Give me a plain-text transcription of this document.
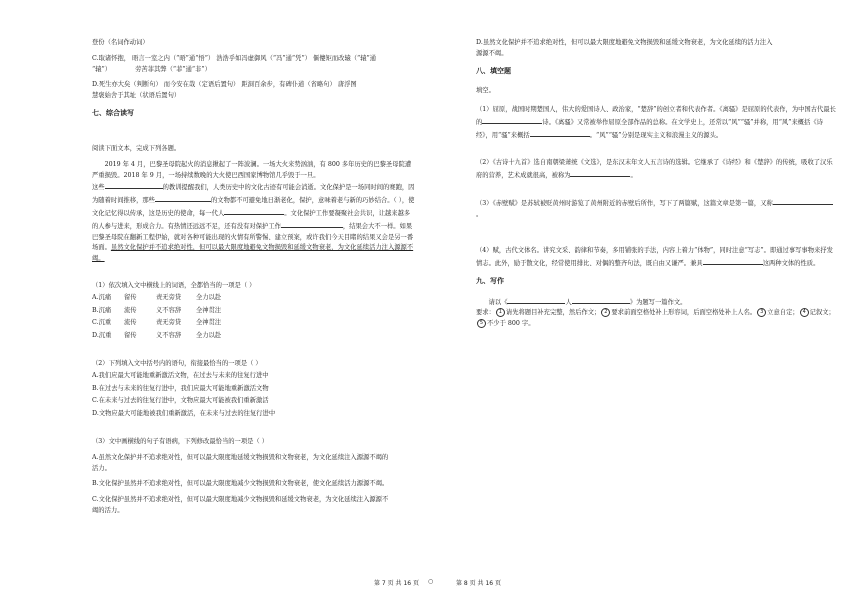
登份（名词作动词）

C.取诸怀抱， 晤言一室之内（“晤”通“悟”） 浩浩乎如冯虚御风（“冯”通“凭”） 傴僂矩而改辕（“辕”通

“辕”）	劳苦菲其弊（“菲”通“非”）

D.死生亦大矣（判断句） 而今安在哉（定语后置句） 距洞百余步，有碑仆道（省略句） 唐浮图

慧褒始舍于其址（状语后置句）

七、综合读写

阅读下面文本，完成下列各题。

2019 年 4 月，巴黎圣母院起火的消息揪起了一阵波澜。一场大火来势汹汹，有 800 多年历史的巴黎圣母院遭严重损毁。2018 年 9 月，一场持续数晚的大火使巴西国家博物馆几乎毁于一旦。

这些	的教训提醒我们，人类历史中的文化古迹有可能会消逝。文化保护是一场同时间的赛跑，因为随着时间推移，那些	的文物都不可避免地日渐老化，保护，意味着老与新的巧妙结合。（ ），使文化记忆得以传承，这是历史的使命，每一代人	。文化保护工作要凝聚社会共识，让越来越多的人参与进来，形成合力。有热情还远远不足，还有没有对保护工作	，结果会大不一样。如果巴黎圣母院在翻新工程伊始，就对各种可能出现的火情有所警惕、建立预案，或许我们今天目睹的结果又会是另一番场面。虽然文化保护并不追求绝对性，但可以最大限度地避免文物损毁和延缓文物衰老，为文化延续活力注入源源不竭。

（1）依次填入文中横线上的词语，全都恰当的一项是（ ）

A.沉痛	留传	责无旁贷	全力以赴
B.沉痛	流传	义不容辞	全神贯注
C.沉重	流传	责无旁贷	全神贯注
D.沉重	留传	义不容辞	全力以赴

（2）下列填入文中括号内的语句，衔接最恰当的一项是（ ）

A.我们应最大可能地重新激活文物，在过去与未来的往复行进中
B.在过去与未来的往复行进中，我们应最大可能地重新激活文物
C.在未来与过去的往复行进中，文物应最大可能被我们重新激活
D.文物应最大可能地被我们重新激活，在未来与过去的往复行进中

（3）文中画横线的句子有语病，下列修改最恰当的一项是（ ）

A.虽然文化保护并不追求绝对性，但可以最大限度地延缓文物损毁和文物衰老，为文化延续注入源源不竭的

活力。

B.文化保护虽然并不追求绝对性，但可以最大限度地减少文物损毁和文物衰老，使文化延续活力源源不竭。

C.文化保护虽然并不追求绝对性，但可以最大限度地减少文物损毁和延缓文物衰老，为文化延续注入源源不

竭的活力。

D.虽然文化保护并不追求绝对性，但可以最大限度地避免文物损毁和延缓文物衰老，为文化延续的活力注入

源源不竭。

八、填空题

填空。

（1）屈原，战国时期楚国人，伟大的爱国诗人、政治家，“楚辞”的创立者和代表作者。《离骚》是屈原的代表作，为中国古代最长的	诗。《离骚》又常被举作屈原全部作品的总称。在文学史上，还常以“风”“骚”并称，用“风”来概括《诗经》，用“骚”来概括	。“风”“骚”分别是现实主义和浪漫主义的源头。

（2）《古诗十九首》选自南朝梁萧统《文选》，是东汉末年文人五言诗的选辑。它继承了《诗经》和《楚辞》的传统，吸收了汉乐府的营养，艺术成就很高，被称为	。

（3）《赤壁赋》是苏轼被贬黄州时游览了黄州附近的赤壁后所作，写下了两篇赋，这篇文章是第一篇，又称。

（4）赋，古代文体名。讲究文采、韵律和节奏，多用铺张的手法，内容上着力“体物”，同时注意“写志”。即通过事写事物来抒发情志。此外，励于散文化，经常使用排比、对偶的整齐句法，既自由又谦严。兼具	这两种文体的性质。

九、写作

请以《	人	》为题写一篇作文。

要求： 1 请先将题目补充完整，然后作文； 2 要求前面空格处补上形容词，后面空格处补上人名。 3 立意自定； 4 记叙文；5 不少于 800 字。

第 7 页 共 16 页 ○	第 8 页 共 16 页
